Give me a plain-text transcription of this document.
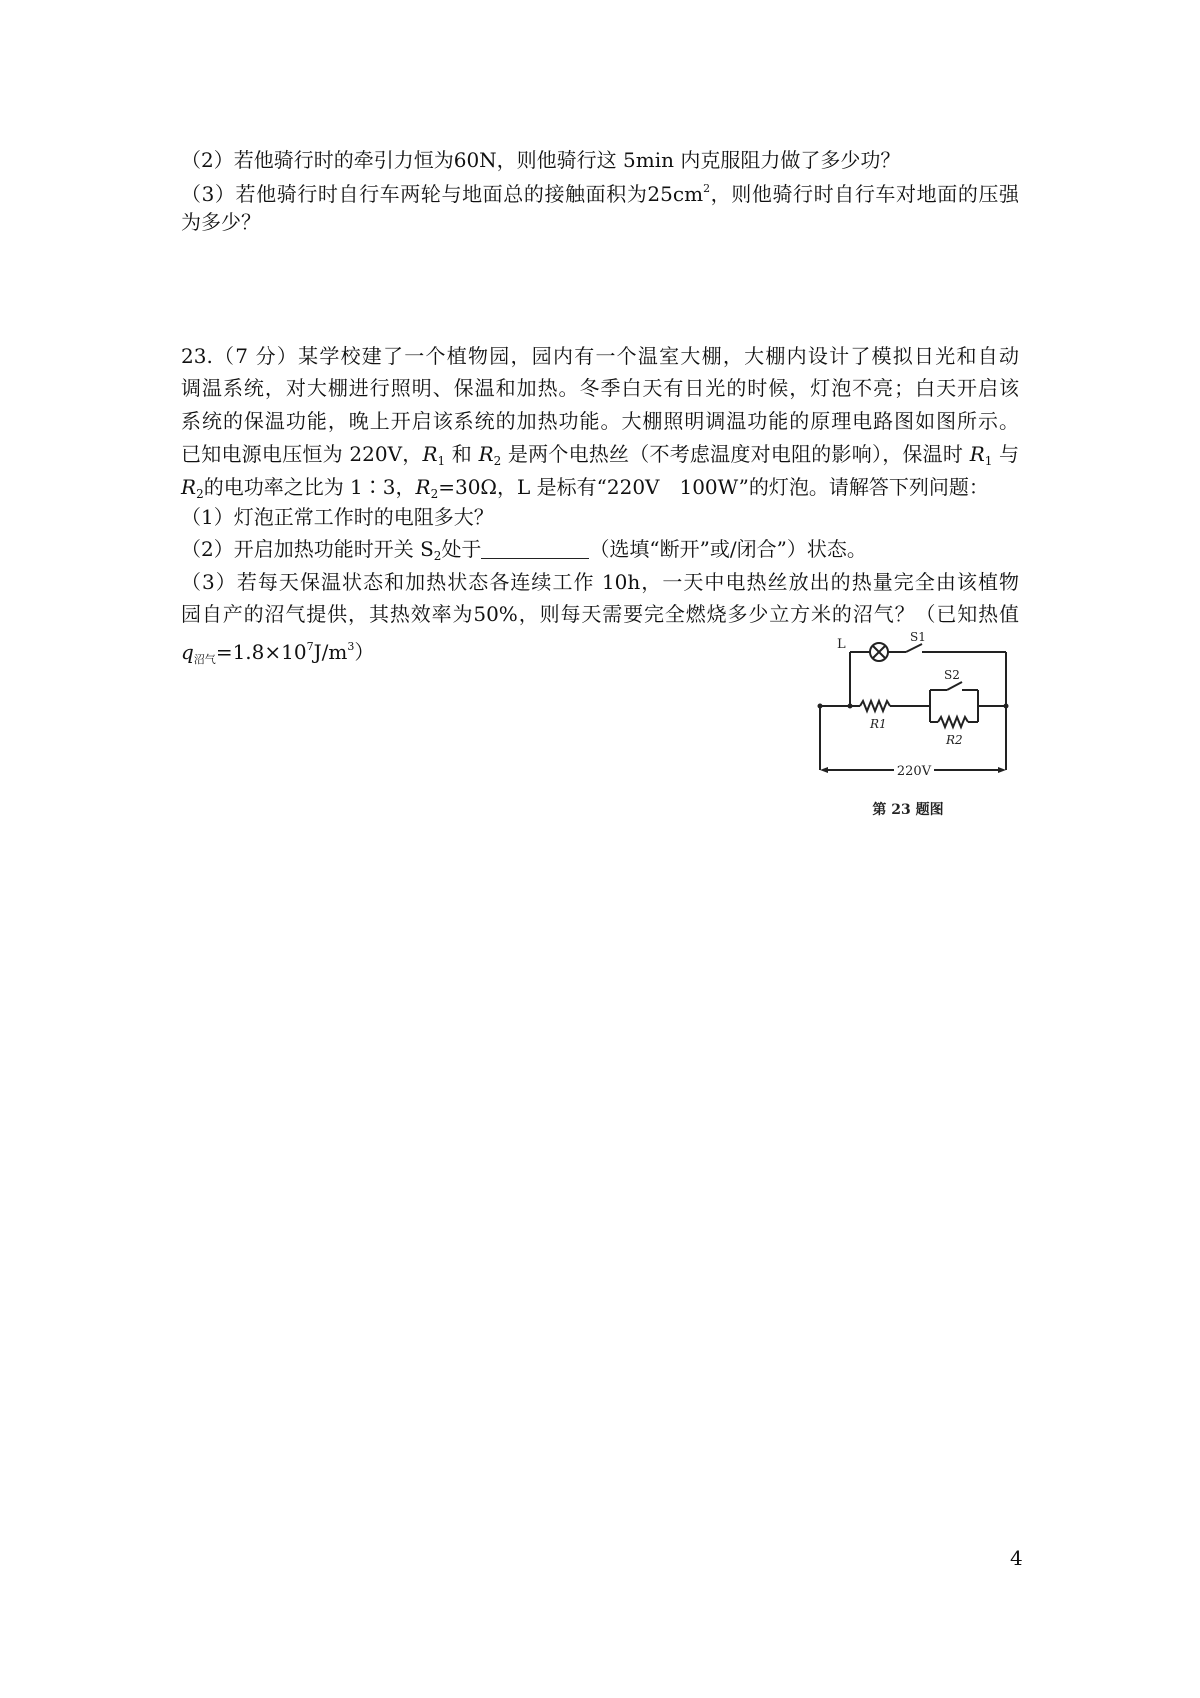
（2）若他骑行时的牵引力恒为60N，则他骑行这 5min 内克服阻力做了多少功？
（3）若他骑行时自行车两轮与地面总的接触面积为$25cm^2$，则他骑行时自行车对地面的压强
为多少？
23.（7 分）某学校建了一个植物园，园内有一个温室大棚，大棚内设计了模拟日光和自动
调温系统，对大棚进行照明、保温和加热。冬季白天有日光的时候，灯泡不亮；白天开启该
系统的保温功能，晚上开启该系统的加热功能。大棚照明调温功能的原理电路图如图所示。
已知电源电压恒为 220V，$R_1$ 和 $R_2$ 是两个电热丝（不考虑温度对电阻的影响），保温时 $R_1$ 与
$R_2$的电功率之比为 1∶3，$R_2=30\Omega$，L 是标有“220V　100W”的灯泡。请解答下列问题：
（1）灯泡正常工作时的电阻多大？
（2）开启加热功能时开关 $S_2$处于	（选填“断开”或/闭合”）状态。
（3）若每天保温状态和加热状态各连续工作 10h，一天中电热丝放出的热量完全由该植物
园自产的沼气提供，其热效率为50%，则每天需要完全燃烧多少立方米的沼气？（已知热值
$q_{沼气}=1.8\times 10^7J/m^3$）	L	S1
S2
R1
R2
220V
第 23 题图
4
